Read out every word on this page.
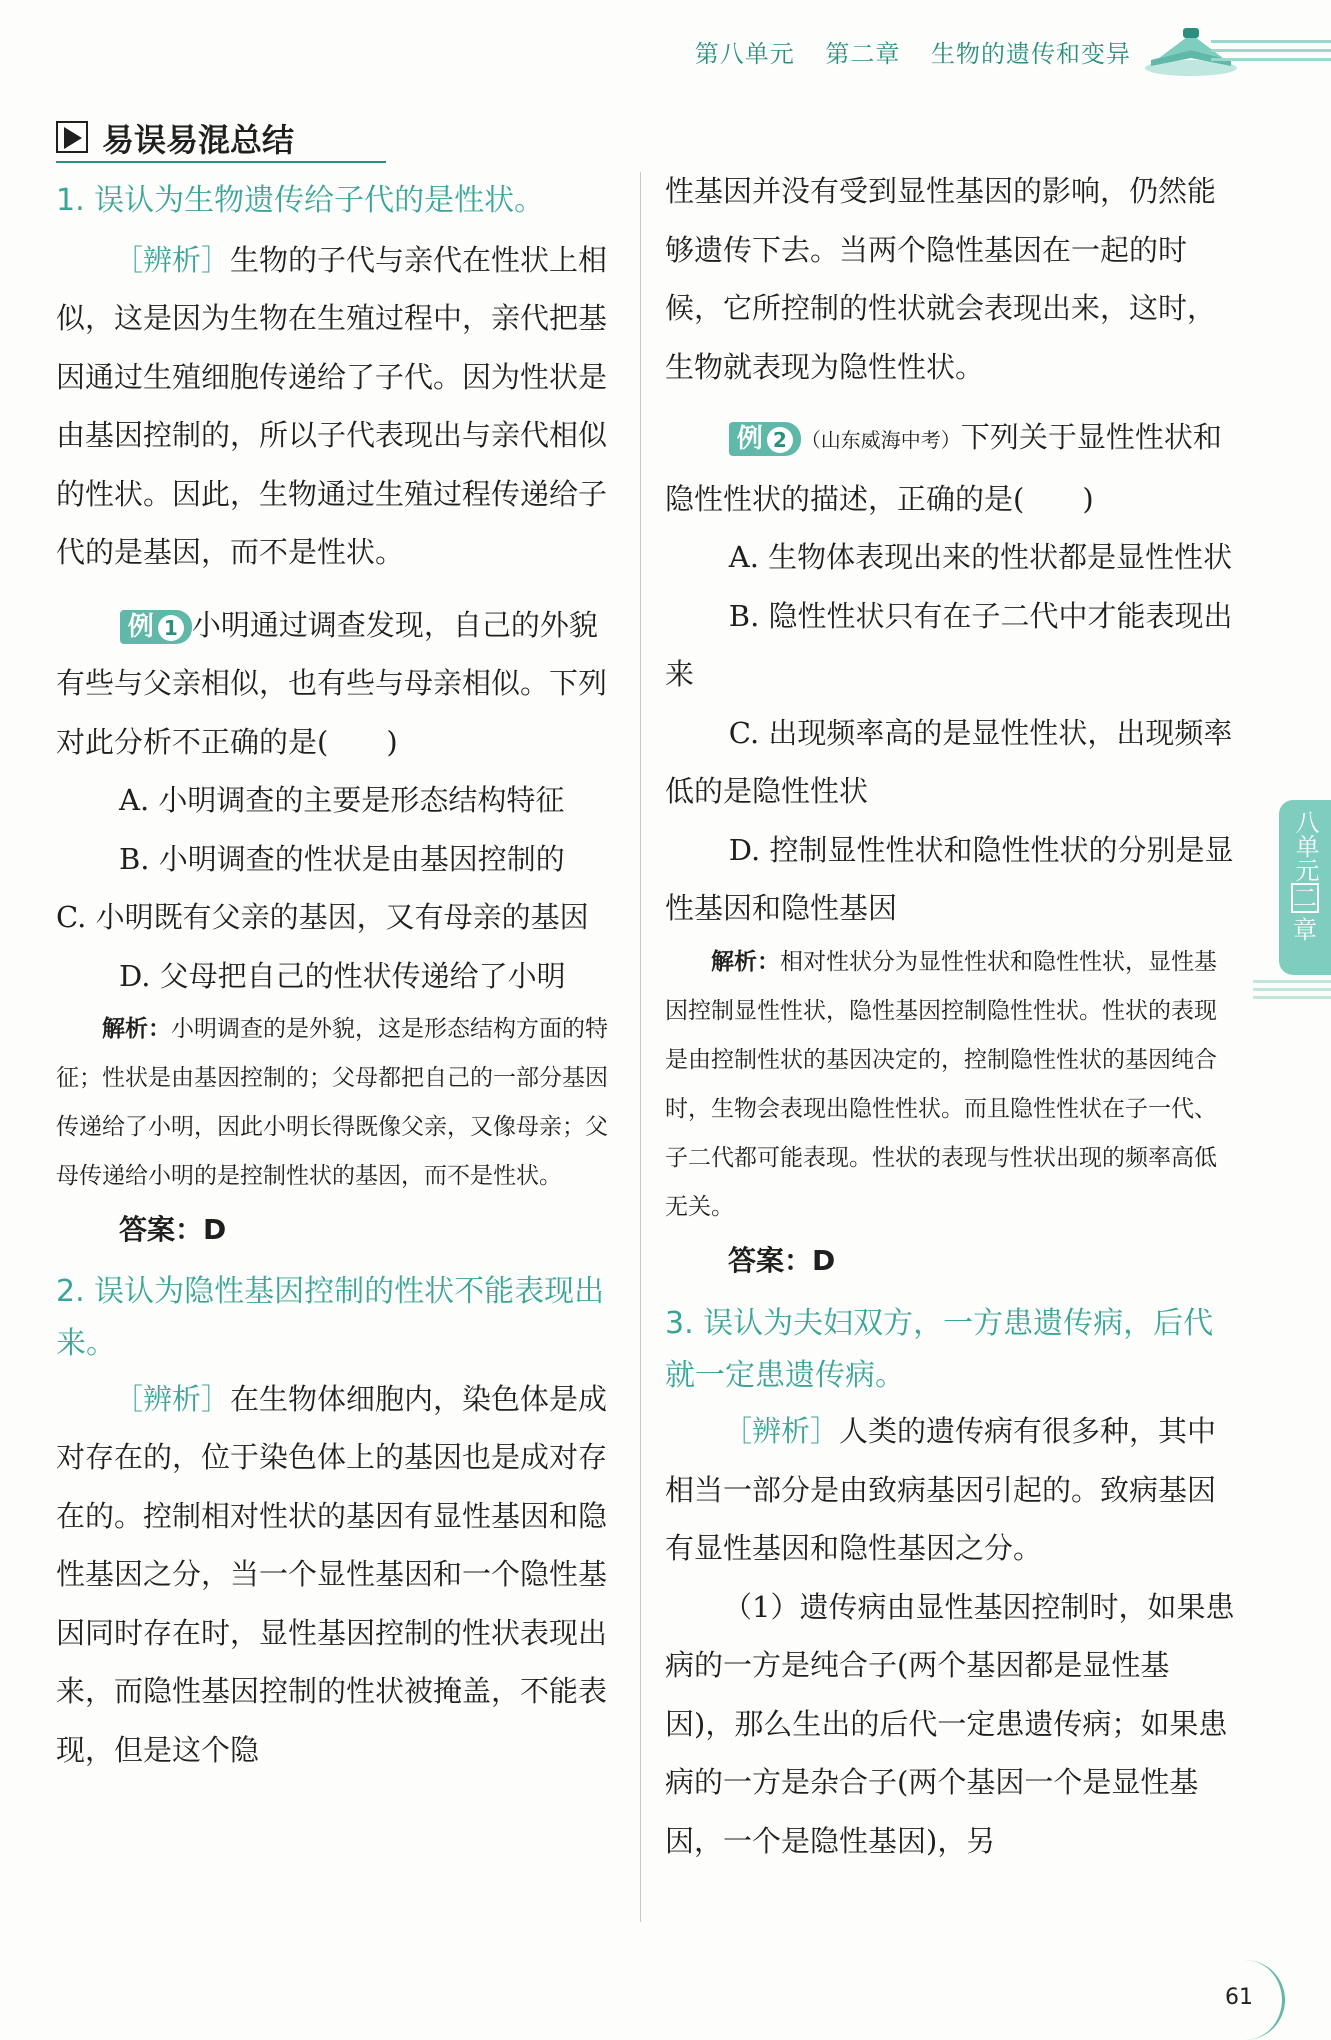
第八单元 第二章 生物的遗传和变异
易误易混总结

1. 误认为生物遗传给子代的是性状。

［辨析］生物的子代与亲代在性状上相似，这是因为生物在生殖过程中，亲代把基因通过生殖细胞传递给了子代。因为性状是由基因控制的，所以子代表现出与亲代相似的性状。因此，生物通过生殖过程传递给子代的是基因，而不是性状。

例 1 小明通过调查发现，自己的外貌有些与父亲相似，也有些与母亲相似。下列对此分析不正确的是(　　)

A. 小明调查的主要是形态结构特征

B. 小明调查的性状是由基因控制的

C. 小明既有父亲的基因，又有母亲的基因

D. 父母把自己的性状传递给了小明

解析：小明调查的是外貌，这是形态结构方面的特征；性状是由基因控制的；父母都把自己的一部分基因传递给了小明，因此小明长得既像父亲，又像母亲；父母传递给小明的是控制性状的基因，而不是性状。

答案：D

2. 误认为隐性基因控制的性状不能表现出来。

［辨析］在生物体细胞内，染色体是成对存在的，位于染色体上的基因也是成对存在的。控制相对性状的基因有显性基因和隐性基因之分，当一个显性基因和一个隐性基因同时存在时，显性基因控制的性状表现出来，而隐性基因控制的性状被掩盖，不能表现，但是这个隐

性基因并没有受到显性基因的影响，仍然能够遗传下去。当两个隐性基因在一起的时候，它所控制的性状就会表现出来，这时，生物就表现为隐性性状。

例 2 （山东威海中考）下列关于显性性状和隐性性状的描述，正确的是(　　)

A. 生物体表现出来的性状都是显性性状

B. 隐性性状只有在子二代中才能表现出来

C. 出现频率高的是显性性状，出现频率低的是隐性性状

D. 控制显性性状和隐性性状的分别是显性基因和隐性基因

解析：相对性状分为显性性状和隐性性状，显性基因控制显性性状，隐性基因控制隐性性状。性状的表现是由控制性状的基因决定的，控制隐性性状的基因纯合时，生物会表现出隐性性状。而且隐性性状在子一代、子二代都可能表现。性状的表现与性状出现的频率高低无关。

答案：D

3. 误认为夫妇双方，一方患遗传病，后代就一定患遗传病。

［辨析］人类的遗传病有很多种，其中相当一部分是由致病基因引起的。致病基因有显性基因和隐性基因之分。

（1）遗传病由显性基因控制时，如果患病的一方是纯合子(两个基因都是显性基因)，那么生出的后代一定患遗传病；如果患病的一方是杂合子(两个基因一个是显性基因，一个是隐性基因)，另

八单元
二
章
61
